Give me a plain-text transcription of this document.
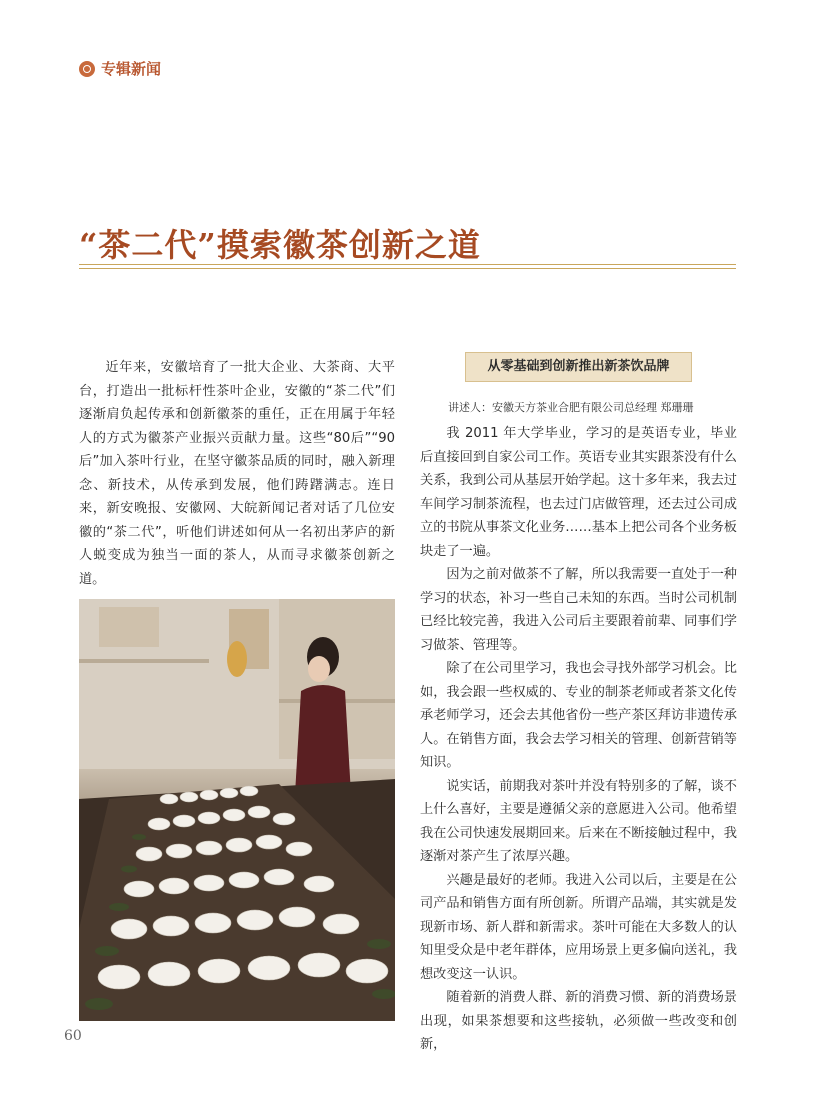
专辑新闻
“茶二代”摸索徽茶创新之道

近年来，安徽培育了一批大企业、大茶商、大平台，打造出一批标杆性茶叶企业，安徽的“茶二代”们逐渐肩负起传承和创新徽茶的重任，正在用属于年轻人的方式为徽茶产业振兴贡献力量。这些“80后”“90后”加入茶叶行业，在坚守徽茶品质的同时，融入新理念、新技术，从传承到发展，他们踌躇满志。连日来，新安晚报、安徽网、大皖新闻记者对话了几位安徽的“茶二代”，听他们讲述如何从一名初出茅庐的新人蜕变成为独当一面的茶人，从而寻求徽茶创新之道。

从零基础到创新推出新茶饮品牌
讲述人：安徽天方茶业合肥有限公司总经理 郑珊珊

我 2011 年大学毕业，学习的是英语专业，毕业后直接回到自家公司工作。英语专业其实跟茶没有什么关系，我到公司从基层开始学起。这十多年来，我去过车间学习制茶流程，也去过门店做管理，还去过公司成立的书院从事茶文化业务……基本上把公司各个业务板块走了一遍。

因为之前对做茶不了解，所以我需要一直处于一种学习的状态，补习一些自己未知的东西。当时公司机制已经比较完善，我进入公司后主要跟着前辈、同事们学习做茶、管理等。

除了在公司里学习，我也会寻找外部学习机会。比如，我会跟一些权威的、专业的制茶老师或者茶文化传承老师学习，还会去其他省份一些产茶区拜访非遗传承人。在销售方面，我会去学习相关的管理、创新营销等知识。

说实话，前期我对茶叶并没有特别多的了解，谈不上什么喜好，主要是遵循父亲的意愿进入公司。他希望我在公司快速发展期回来。后来在不断接触过程中，我逐渐对茶产生了浓厚兴趣。

兴趣是最好的老师。我进入公司以后，主要是在公司产品和销售方面有所创新。所谓产品端，其实就是发现新市场、新人群和新需求。茶叶可能在大多数人的认知里受众是中老年群体，应用场景上更多偏向送礼，我想改变这一认识。

随着新的消费人群、新的消费习惯、新的消费场景出现，如果茶想要和这些接轨，必须做一些改变和创新，

60
